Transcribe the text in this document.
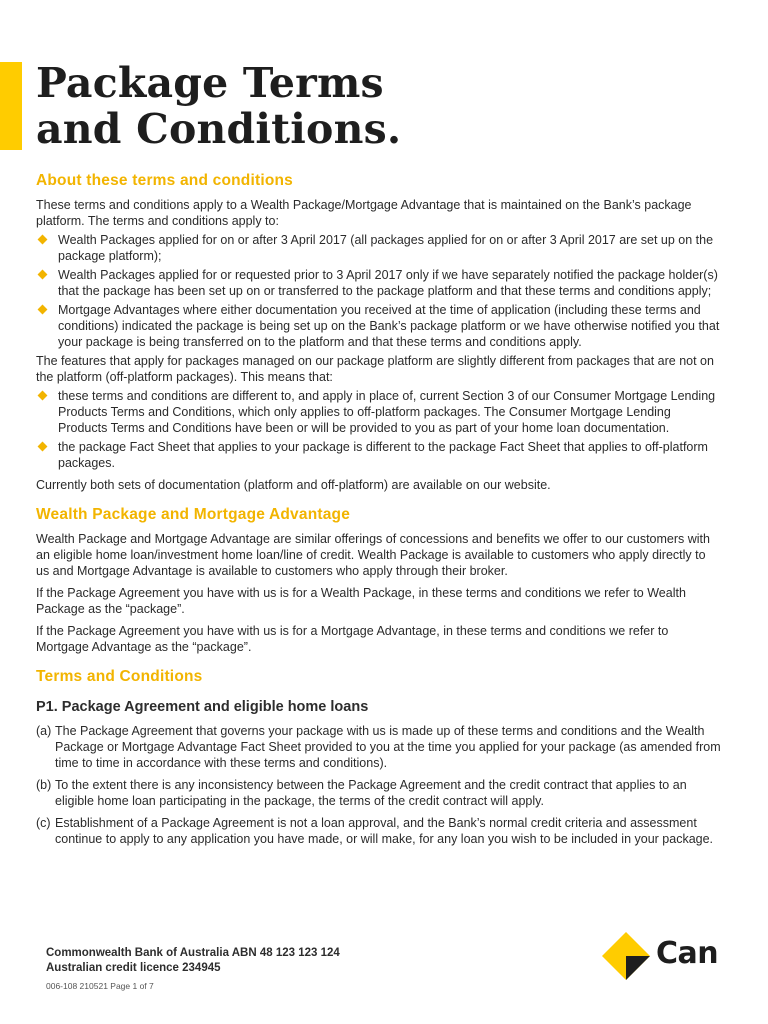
Package Terms
and Conditions.
About these terms and conditions

These terms and conditions apply to a Wealth Package/Mortgage Advantage that is maintained on the Bank’s package platform. The terms and conditions apply to:

Wealth Packages applied for on or after 3 April 2017 (all packages applied for on or after 3 April 2017 are set up on the package platform);
Wealth Packages applied for or requested prior to 3 April 2017 only if we have separately notified the package holder(s) that the package has been set up on or transferred to the package platform and that these terms and conditions apply;
Mortgage Advantages where either documentation you received at the time of application (including these terms and conditions) indicated the package is being set up on the Bank’s package platform or we have otherwise notified you that your package is being transferred on to the platform and that these terms and conditions apply.

The features that apply for packages managed on our package platform are slightly different from packages that are not on the platform (off-platform packages). This means that:

these terms and conditions are different to, and apply in place of, current Section 3 of our Consumer Mortgage Lending Products Terms and Conditions, which only applies to off-platform packages. The Consumer Mortgage Lending Products Terms and Conditions have been or will be provided to you as part of your home loan documentation.
the package Fact Sheet that applies to your package is different to the package Fact Sheet that applies to off-platform packages.

Currently both sets of documentation (platform and off-platform) are available on our website.

Wealth Package and Mortgage Advantage

Wealth Package and Mortgage Advantage are similar offerings of concessions and benefits we offer to our customers with an eligible home loan/investment home loan/line of credit. Wealth Package is available to customers who apply directly to us and Mortgage Advantage is available to customers who apply through their broker.

If the Package Agreement you have with us is for a Wealth Package, in these terms and conditions we refer to Wealth Package as the “package”.

If the Package Agreement you have with us is for a Mortgage Advantage, in these terms and conditions we refer to Mortgage Advantage as the “package”.

Terms and Conditions
P1. Package Agreement and eligible home loans
(a) The Package Agreement that governs your package with us is made up of these terms and conditions and the Wealth Package or Mortgage Advantage Fact Sheet provided to you at the time you applied for your package (as amended from time to time in accordance with these terms and conditions).
(b) To the extent there is any inconsistency between the Package Agreement and the credit contract that applies to an eligible home loan participating in the package, the terms of the credit contract will apply.
(c) Establishment of a Package Agreement is not a loan approval, and the Bank’s normal credit criteria and assessment continue to apply to any application you have made, or will make, for any loan you wish to be included in your package.
Commonwealth Bank of Australia ABN 48 123 123 124
Australian credit licence 234945
006-108 210521 Page 1 of 7
Can
